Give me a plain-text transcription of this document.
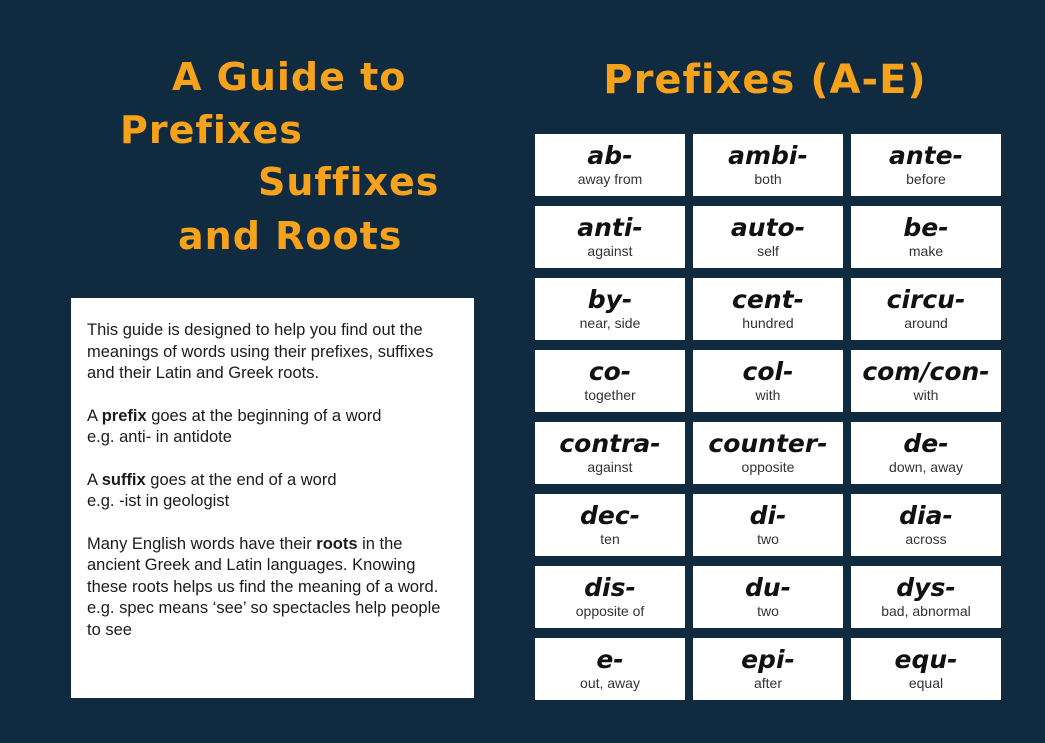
A Guide to
Prefixes
Suffixes
and Roots
Prefixes (A-E)

This guide is designed to help you find out the meanings of words using their prefixes, suffixes and their Latin and Greek roots.

A prefix goes at the beginning of a word
e.g. anti- in antidote

A suffix goes at the end of a word
e.g. -ist in geologist

Many English words have their roots in the ancient Greek and Latin languages. Knowing these roots helps us find the meaning of a word.
e.g. spec means ‘see’ so spectacles help people to see

ab-
away from
ambi-
both
ante-
before
anti-
against
auto-
self
be-
make
by-
near, side
cent-
hundred
circu-
around
co-
together
col-
with
com/con-
with
contra-
against
counter-
opposite
de-
down, away
dec-
ten
di-
two
dia-
across
dis-
opposite of
du-
two
dys-
bad, abnormal
e-
out, away
epi-
after
equ-
equal
